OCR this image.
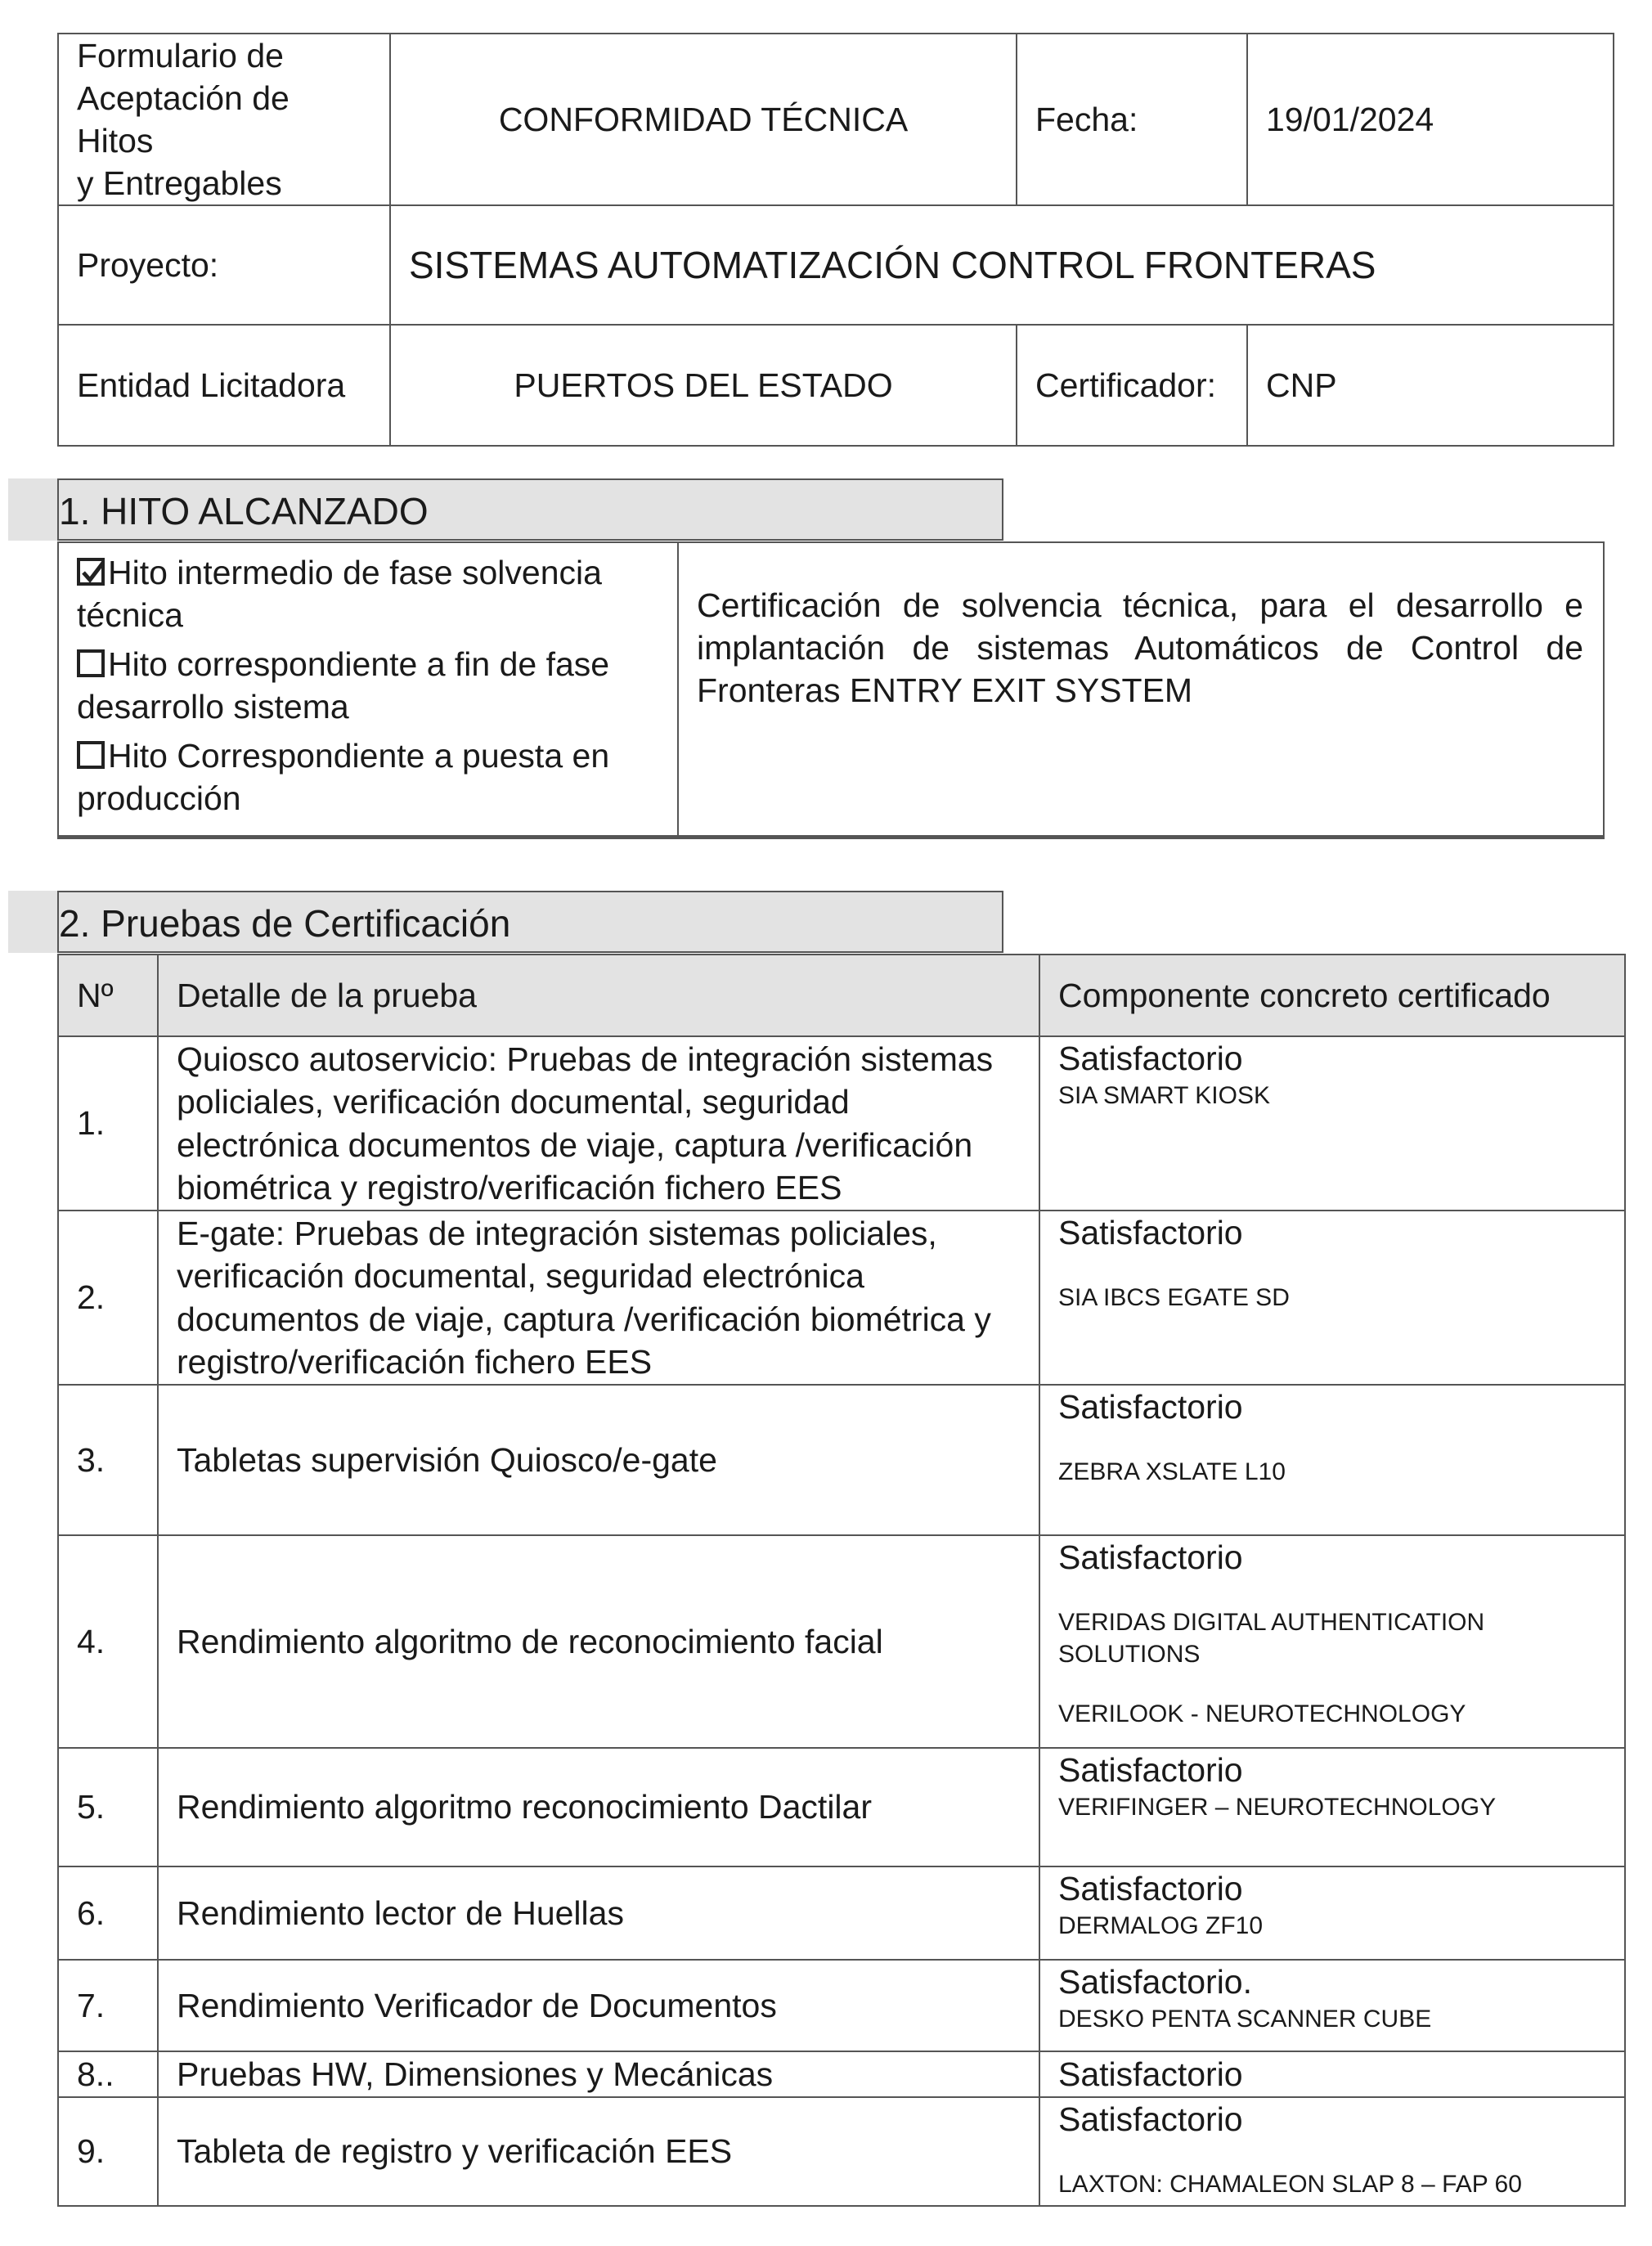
Formulario de
Aceptación de Hitos
y Entregables	CONFORMIDAD TÉCNICA	Fecha:	19/01/2024
Proyecto:	SISTEMAS AUTOMATIZACIÓN CONTROL FRONTERAS		
Entidad Licitadora	PUERTOS DEL ESTADO	Certificador:	CNP
1. HITO ALCANZADO
Hito intermedio de fase solvencia
técnica
Hito correspondiente a fin de fase
desarrollo sistema
Hito Correspondiente a puesta en
producción
	Certificación de solvencia técnica, para el desarrollo e implantación de sistemas Automáticos de Control de Fronteras ENTRY EXIT SYSTEM
2. Pruebas de Certificación
Nº	Detalle de la prueba	Componente concreto certificado
1.	Quiosco autoservicio: Pruebas de integración sistemas policiales, verificación documental, seguridad electrónica documentos de viaje, captura /verificación biométrica y registro/verificación fichero EES	Satisfactorio
SIA SMART KIOSK

2.	E-gate: Pruebas de integración sistemas policiales, verificación documental, seguridad electrónica documentos de viaje, captura /verificación biométrica y registro/verificación fichero EES	Satisfactorio
SIA IBCS EGATE SD

3.	Tabletas supervisión Quiosco/e-gate	Satisfactorio
ZEBRA XSLATE L10

4.	Rendimiento algoritmo de reconocimiento facial	Satisfactorio
VERIDAS DIGITAL AUTHENTICATION SOLUTIONS
VERILOOK - NEUROTECHNOLOGY

5.	Rendimiento algoritmo reconocimiento Dactilar	Satisfactorio
VERIFINGER – NEUROTECHNOLOGY

6.	Rendimiento lector de Huellas	Satisfactorio
DERMALOG ZF10

7.	Rendimiento Verificador de Documentos	Satisfactorio.
DESKO PENTA SCANNER CUBE

8..	Pruebas HW, Dimensiones y Mecánicas	Satisfactorio

9.	Tableta de registro y verificación EES	Satisfactorio
LAXTON: CHAMALEON SLAP 8 – FAP 60
